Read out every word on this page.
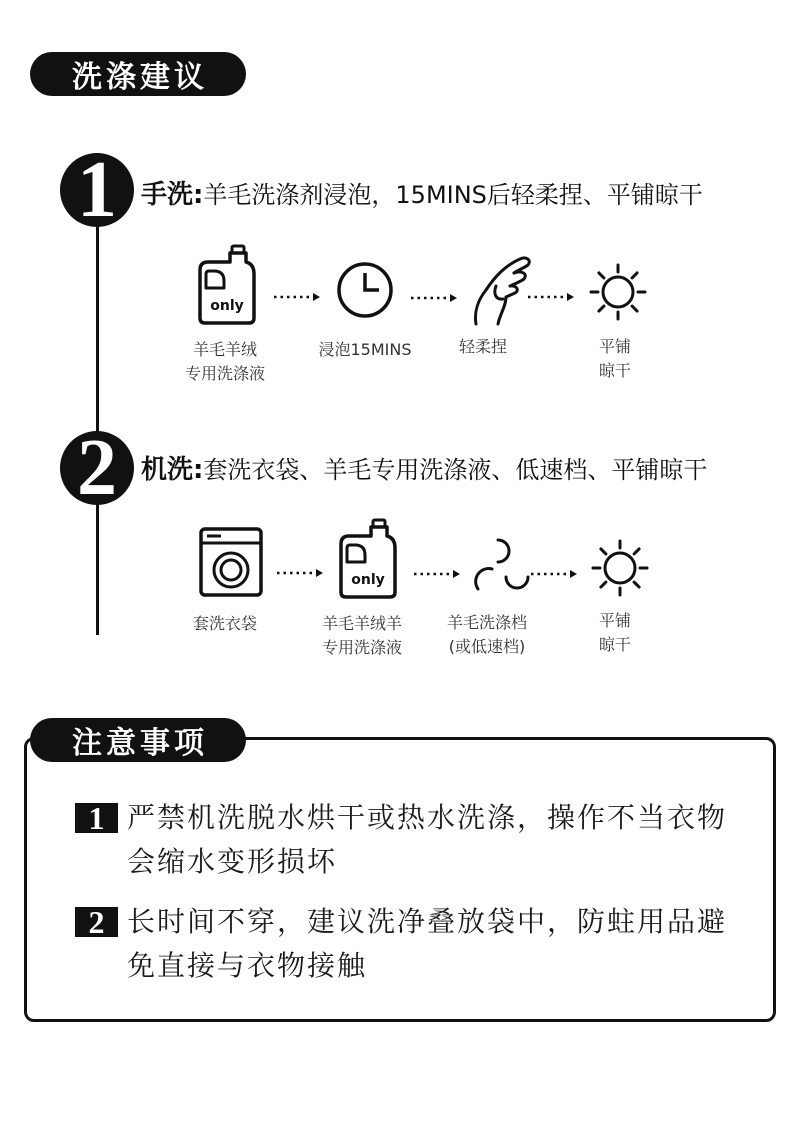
洗涤建议
1 手洗:羊毛洗涤剂浸泡，15MINS后轻柔捏、平铺晾干
only
羊毛羊绒
专用洗涤液
浸泡15MINS	轻柔捏	平铺
晾干
2 机洗:套洗衣袋、羊毛专用洗涤液、低速档、平铺晾干
only
套洗衣袋	羊毛羊绒羊
专用洗涤液
羊毛洗涤档
(或低速档)
平铺
晾干
注意事项
1 严禁机洗脱水烘干或热水洗涤，操作不当衣物
会缩水变形损坏
2 长时间不穿，建议洗净叠放袋中，防蛀用品避
免直接与衣物接触
